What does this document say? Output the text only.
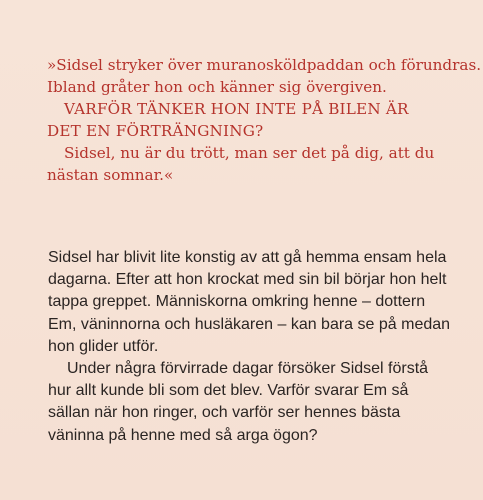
»Sidsel stryker över muranosköldpaddan och förundras.
Ibland gråter hon och känner sig övergiven.
VARFÖR TÄNKER HON INTE PÅ BILEN ÄR
DET EN FÖRTRÄNGNING?
Sidsel, nu är du trött, man ser det på dig, att du
nästan somnar.«
Sidsel har blivit lite konstig av att gå hemma ensam hela
dagarna. Efter att hon krockat med sin bil börjar hon helt
tappa greppet. Människorna omkring henne – dottern
Em, väninnorna och husläkaren – kan bara se på medan
hon glider utför.
Under några förvirrade dagar försöker Sidsel förstå
hur allt kunde bli som det blev. Varför svarar Em så
sällan när hon ringer, och varför ser hennes bästa
väninna på henne med så arga ögon?
